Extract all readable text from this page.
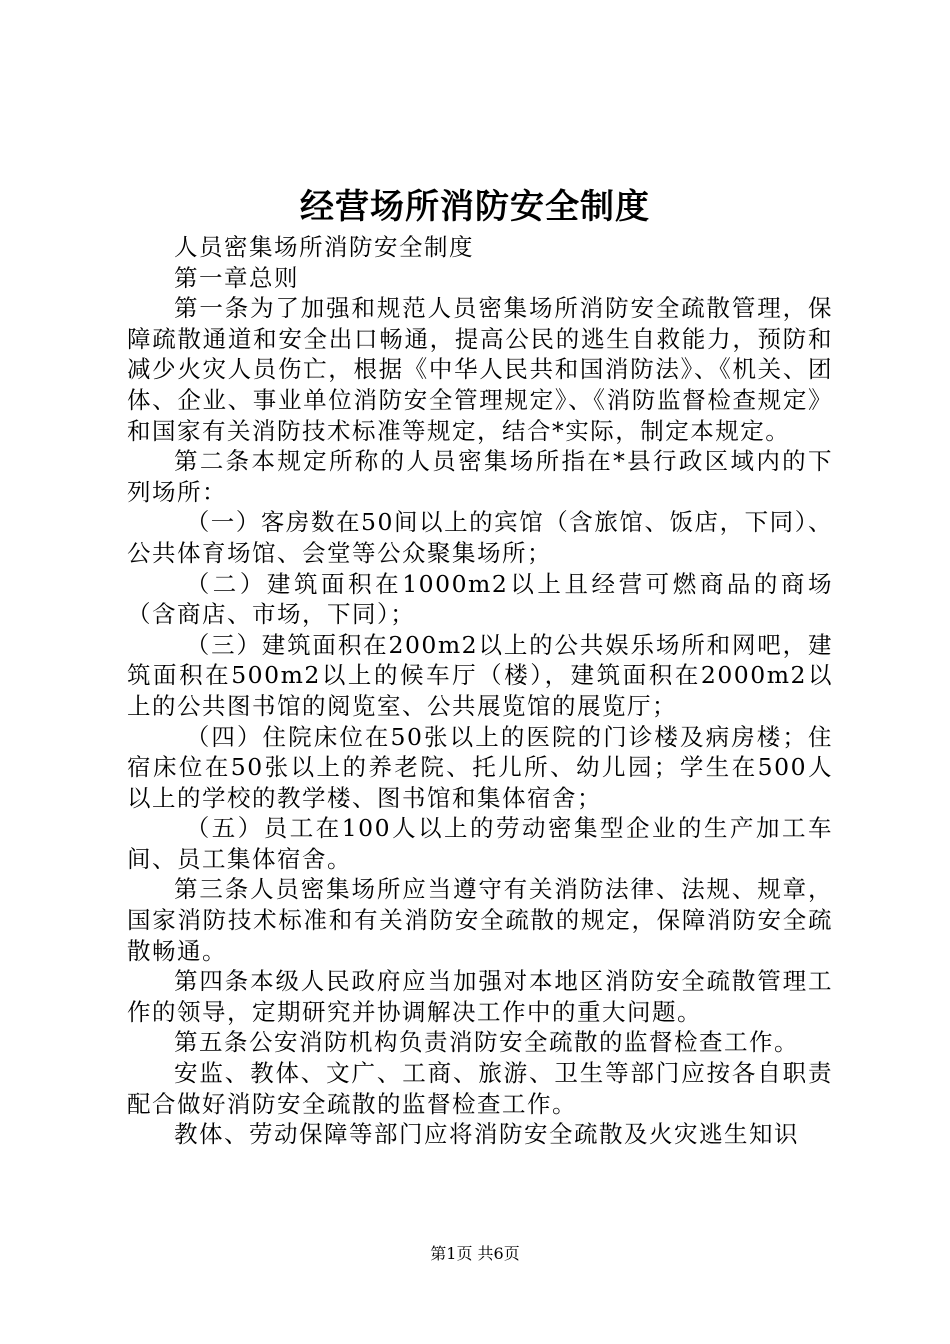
经营场所消防安全制度

人员密集场所消防安全制度

第一章总则

第一条为了加强和规范人员密集场所消防安全疏散管理，保障疏散通道和安全出口畅通，提高公民的逃生自救能力，预防和减少火灾人员伤亡，根据《中华人民共和国消防法》、《机关、团体、企业、事业单位消防安全管理规定》、《消防监督检查规定》和国家有关消防技术标准等规定，结合*实际，制定本规定。

第二条本规定所称的人员密集场所指在*县行政区域内的下列场所：

（一）客房数在50间以上的宾馆（含旅馆、饭店，下同）、公共体育场馆、会堂等公众聚集场所；

（二）建筑面积在1000m2以上且经营可燃商品的商场（含商店、市场，下同）；

（三）建筑面积在200m2以上的公共娱乐场所和网吧，建筑面积在500m2以上的候车厅（楼），建筑面积在2000m2以上的公共图书馆的阅览室、公共展览馆的展览厅；

（四）住院床位在50张以上的医院的门诊楼及病房楼；住宿床位在50张以上的养老院、托儿所、幼儿园；学生在500人以上的学校的教学楼、图书馆和集体宿舍；

（五）员工在100人以上的劳动密集型企业的生产加工车间、员工集体宿舍。

第三条人员密集场所应当遵守有关消防法律、法规、规章，国家消防技术标准和有关消防安全疏散的规定，保障消防安全疏散畅通。

第四条本级人民政府应当加强对本地区消防安全疏散管理工作的领导，定期研究并协调解决工作中的重大问题。

第五条公安消防机构负责消防安全疏散的监督检查工作。

安监、教体、文广、工商、旅游、卫生等部门应按各自职责配合做好消防安全疏散的监督检查工作。

教体、劳动保障等部门应将消防安全疏散及火灾逃生知识

第1页 共6页
